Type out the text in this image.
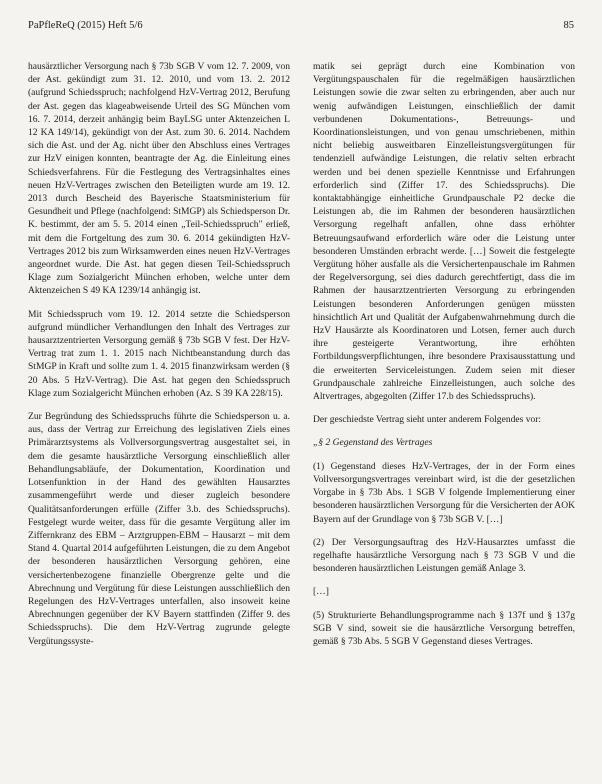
PaPfleReQ (2015) Heft 5/6	85

hausärztlicher Versorgung nach § 73b SGB V vom 12. 7. 2009, von der Ast. gekündigt zum 31. 12. 2010, und vom 13. 2. 2012 (aufgrund Schiedsspruch; nachfolgend HzV-Vertrag 2012, Berufung der Ast. gegen das klageabweisende Urteil des SG München vom 16. 7. 2014, derzeit anhängig beim BayLSG unter Aktenzeichen L 12 KA 149/14), gekündigt von der Ast. zum 30. 6. 2014. Nachdem sich die Ast. und der Ag. nicht über den Abschluss eines Vertrages zur HzV einigen konnten, beantragte der Ag. die Einleitung eines Schiedsverfahrens. Für die Festlegung des Vertragsinhaltes eines neuen HzV-Vertrages zwischen den Beteiligten wurde am 19. 12. 2013 durch Bescheid des Bayerische Staatsministerium für Gesundheit und Pflege (nachfolgend: StMGP) als Schiedsperson Dr. K. bestimmt, der am 5. 5. 2014 einen „Teil-Schiedsspruch" erließ, mit dem die Fortgeltung des zum 30. 6. 2014 gekündigten HzV-Vertrages 2012 bis zum Wirksamwerden eines neuen HzV-Vertrages angeordnet wurde. Die Ast. hat gegen diesen Teil-Schiedsspruch Klage zum Sozialgericht München erhoben, welche unter dem Aktenzeichen S 49 KA 1239/14 anhängig ist.

Mit Schiedsspruch vom 19. 12. 2014 setzte die Schiedsperson aufgrund mündlicher Verhandlungen den Inhalt des Vertrages zur hausarztzentrierten Versorgung gemäß § 73b SGB V fest. Der HzV-Vertrag trat zum 1. 1. 2015 nach Nichtbeanstandung durch das StMGP in Kraft und sollte zum 1. 4. 2015 finanzwirksam werden (§ 20 Abs. 5 HzV-Vertrag). Die Ast. hat gegen den Schiedsspruch Klage zum Sozialgericht München erhoben (Az. S 39 KA 228/15).

Zur Begründung des Schiedsspruchs führte die Schiedsperson u. a. aus, dass der Vertrag zur Erreichung des legislativen Ziels eines Primärarztsystems als Vollversorgungsvertrag ausgestaltet sei, in dem die gesamte hausärztliche Versorgung einschließlich aller Behandlungsabläufe, der Dokumentation, Koordination und Lotsenfunktion in der Hand des gewählten Hausarztes zusammengeführt werde und dieser zugleich besondere Qualitätsanforderungen erfülle (Ziffer 3.b. des Schiedsspruchs). Festgelegt wurde weiter, dass für die gesamte Vergütung aller im Ziffernkranz des EBM – Arztgruppen-EBM – Hausarzt – mit dem Stand 4. Quartal 2014 aufgeführten Leistungen, die zu dem Angebot der besonderen hausärztlichen Versorgung gehören, eine versichertenbezogene finanzielle Obergrenze gelte und die Abrechnung und Vergütung für diese Leistungen ausschließlich den Regelungen des HzV-Vertrages unterfallen, also insoweit keine Abrechnungen gegenüber der KV Bayern stattfinden (Ziffer 9. des Schiedsspruchs). Die dem HzV-Vertrag zugrunde gelegte Vergütungssyste-

matik sei geprägt durch eine Kombination von Vergütungspauschalen für die regelmäßigen hausärztlichen Leistungen sowie die zwar selten zu erbringenden, aber auch nur wenig aufwändigen Leistungen, einschließlich der damit verbundenen Dokumentations-, Betreuungs- und Koordinationsleistungen, und von genau umschriebenen, mithin nicht beliebig ausweitbaren Einzelleistungsvergütungen für tendenziell aufwändige Leistungen, die relativ selten erbracht werden und bei denen spezielle Kenntnisse und Erfahrungen erforderlich sind (Ziffer 17. des Schiedsspruchs). Die kontaktabhängige einheitliche Grundpauschale P2 decke die Leistungen ab, die im Rahmen der besonderen hausärztlichen Versorgung regelhaft anfallen, ohne dass erhöhter Betreuungsaufwand erforderlich wäre oder die Leistung unter besonderen Umständen erbracht werde. […] Soweit die festgelegte Vergütung höher ausfalle als die Versichertenpauschale im Rahmen der Regelversorgung, sei dies dadurch gerechtfertigt, dass die im Rahmen der hausarztzentrierten Versorgung zu erbringenden Leistungen besonderen Anforderungen genügen müssten hinsichtlich Art und Qualität der Aufgabenwahrnehmung durch die HzV Hausärzte als Koordinatoren und Lotsen, ferner auch durch ihre gesteigerte Verantwortung, ihre erhöhten Fortbildungsverpflichtungen, ihre besondere Praxisausstattung und die erweiterten Serviceleistungen. Zudem seien mit dieser Grundpauschale zahlreiche Einzelleistungen, auch solche des Altvertrages, abgegolten (Ziffer 17.b des Schiedsspruchs).

Der geschiedste Vertrag sieht unter anderem Folgendes vor:

„§ 2 Gegenstand des Vertrages

(1) Gegenstand dieses HzV-Vertrages, der in der Form eines Vollversorgungsvertrages vereinbart wird, ist die der gesetzlichen Vorgabe in § 73b Abs. 1 SGB V folgende Implementierung einer besonderen hausärztlichen Versorgung für die Versicherten der AOK Bayern auf der Grundlage von § 73b SGB V. […]

(2) Der Versorgungsauftrag des HzV-Hausarztes umfasst die regelhafte hausärztliche Versorgung nach § 73 SGB V und die besonderen hausärztlichen Leistungen gemäß Anlage 3.

[…]

(5) Strukturierte Behandlungsprogramme nach § 137f und § 137g SGB V sind, soweit sie die hausärztliche Versorgung betreffen, gemäß § 73b Abs. 5 SGB V Gegenstand dieses Vertrages.
